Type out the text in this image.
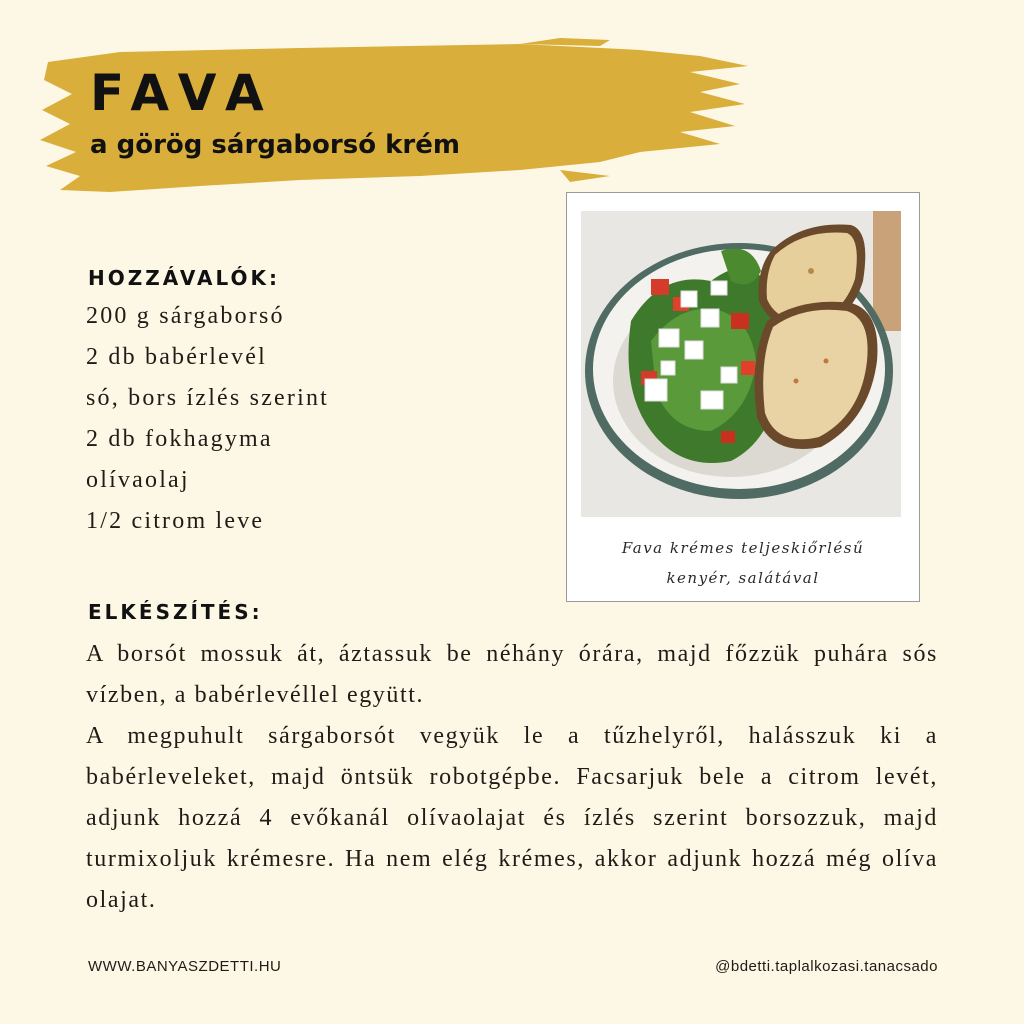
FAVA
a görög sárgaborsó krém
HOZZÁVALÓK:
200 g sárgaborsó
2 db babérlevél
só, bors ízlés szerint
2 db fokhagyma
olívaolaj
1/2 citrom leve
Fava krémes teljeskiőrlésű
kenyér, salátával
ELKÉSZÍTÉS:

A borsót mossuk át, áztassuk be néhány órára, majd főzzük puhára sós vízben, a babérlevéllel együtt.

A megpuhult sárgaborsót vegyük le a tűzhelyről, halásszuk ki a babérleveleket, majd öntsük robotgépbe. Facsarjuk bele a citrom levét, adjunk hozzá 4 evőkanál olívaolajat és ízlés szerint borsozzuk, majd turmixoljuk krémesre. Ha nem elég krémes, akkor adjunk hozzá még olíva olajat.

WWW.BANYASZDETTI.HU	@bdetti.taplalkozasi.tanacsado
